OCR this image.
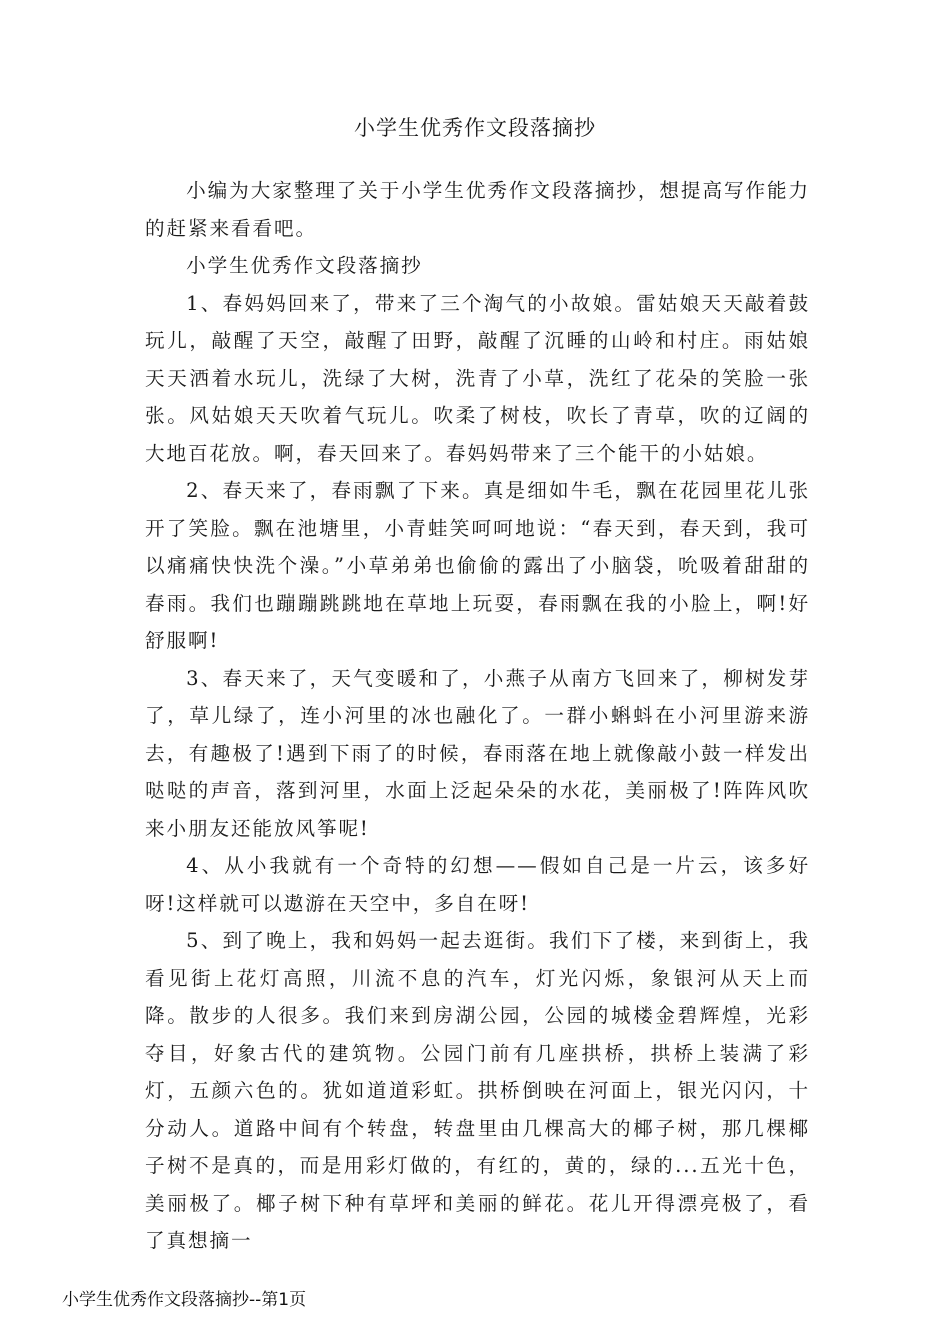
小学生优秀作文段落摘抄

小编为大家整理了关于小学生优秀作文段落摘抄，想提高写作能力的赶紧来看看吧。

小学生优秀作文段落摘抄

1、春妈妈回来了，带来了三个淘气的小故娘。雷姑娘天天敲着鼓玩儿，敲醒了天空，敲醒了田野，敲醒了沉睡的山岭和村庄。雨姑娘天天洒着水玩儿，洗绿了大树，洗青了小草，洗红了花朵的笑脸一张张。风姑娘天天吹着气玩儿。吹柔了树枝，吹长了青草，吹的辽阔的大地百花放。啊，春天回来了。春妈妈带来了三个能干的小姑娘。

2、春天来了，春雨飘了下来。真是细如牛毛，飘在花园里花儿张开了笑脸。飘在池塘里，小青蛙笑呵呵地说：“春天到，春天到，我可以痛痛快快洗个澡。”小草弟弟也偷偷的露出了小脑袋，吮吸着甜甜的春雨。我们也蹦蹦跳跳地在草地上玩耍，春雨飘在我的小脸上，啊!好舒服啊!

3、春天来了，天气变暖和了，小燕子从南方飞回来了，柳树发芽了，草儿绿了，连小河里的冰也融化了。一群小蝌蚪在小河里游来游去，有趣极了!遇到下雨了的时候，春雨落在地上就像敲小鼓一样发出哒哒的声音，落到河里，水面上泛起朵朵的水花，美丽极了!阵阵风吹来小朋友还能放风筝呢!

4、从小我就有一个奇特的幻想——假如自己是一片云，该多好呀!这样就可以遨游在天空中，多自在呀!

5、到了晚上，我和妈妈一起去逛街。我们下了楼，来到街上，我看见街上花灯高照，川流不息的汽车，灯光闪烁，象银河从天上而降。散步的人很多。我们来到房湖公园，公园的城楼金碧辉煌，光彩夺目，好象古代的建筑物。公园门前有几座拱桥，拱桥上装满了彩灯，五颜六色的。犹如道道彩虹。拱桥倒映在河面上，银光闪闪，十分动人。道路中间有个转盘，转盘里由几棵高大的椰子树，那几棵椰子树不是真的，而是用彩灯做的，有红的，黄的，绿的...五光十色，美丽极了。椰子树下种有草坪和美丽的鲜花。花儿开得漂亮极了，看了真想摘一

小学生优秀作文段落摘抄--第1页
